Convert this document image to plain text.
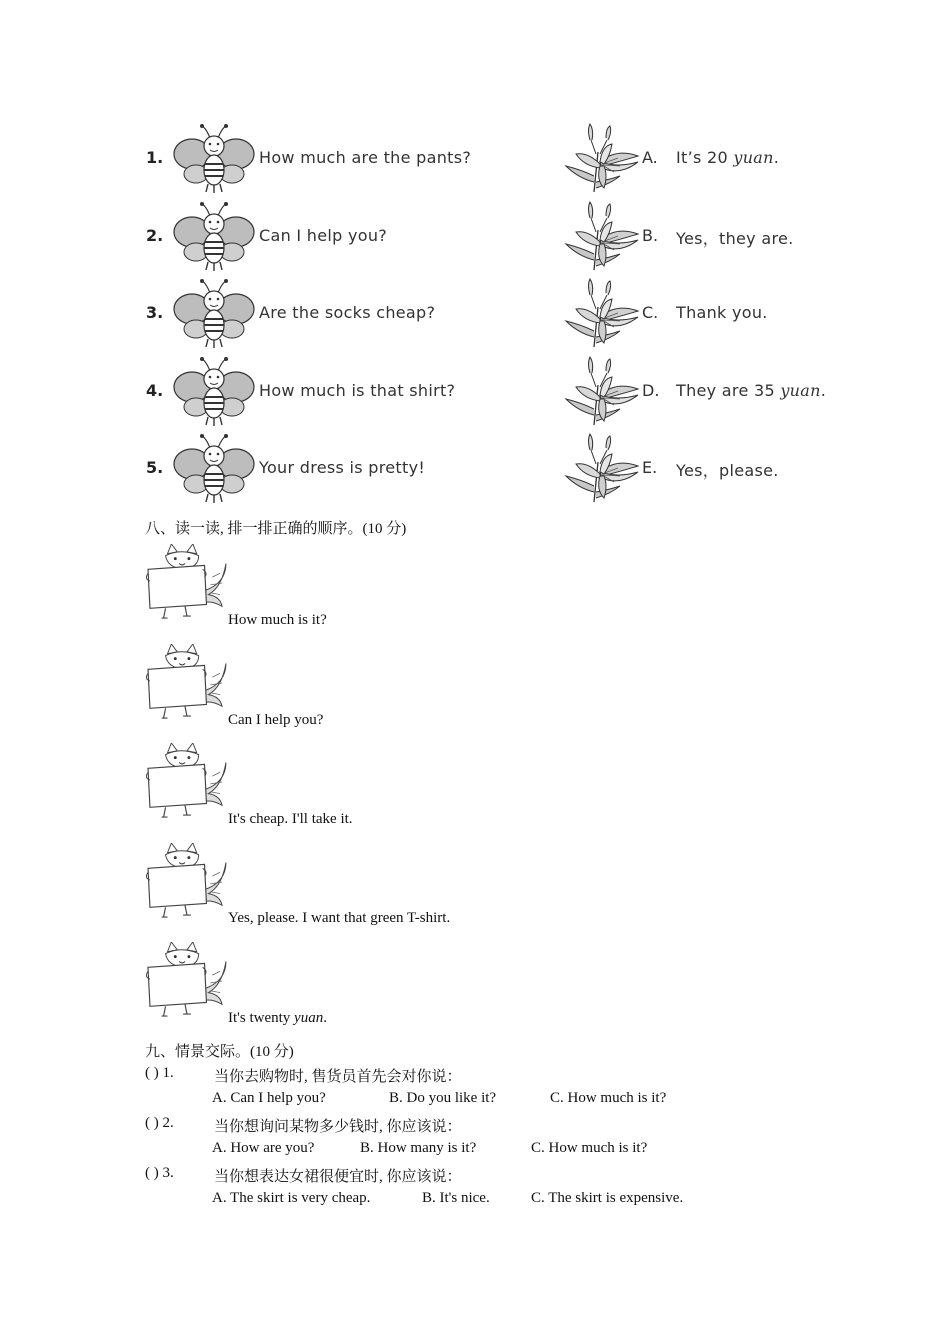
1.	How much are the pants?	A. It’s 20 yuan.
2.	Can I help you?	B. Yes，they are.
3.	Are the socks cheap?	C. Thank you.
4.	How much is that shirt?	D. They are 35 yuan.
5.	Your dress is pretty!	E. Yes，please.
八、读一读, 排一排正确的顺序。(10 分)
How much is it?
Can I help you?
It's cheap. I'll take it.
Yes, please. I want that green T-shirt.
It's twenty yuan.
九、情景交际。(10 分)
( ) 1.	当你去购物时, 售货员首先会对你说：
A. Can I help you?	B. Do you like it?	C. How much is it?
( ) 2.	当你想询问某物多少钱时, 你应该说：
A. How are you?	B. How many is it?	C. How much is it?
( ) 3.	当你想表达女裙很便宜时, 你应该说：
A. The skirt is very cheap.	B. It's nice.	C. The skirt is expensive.
